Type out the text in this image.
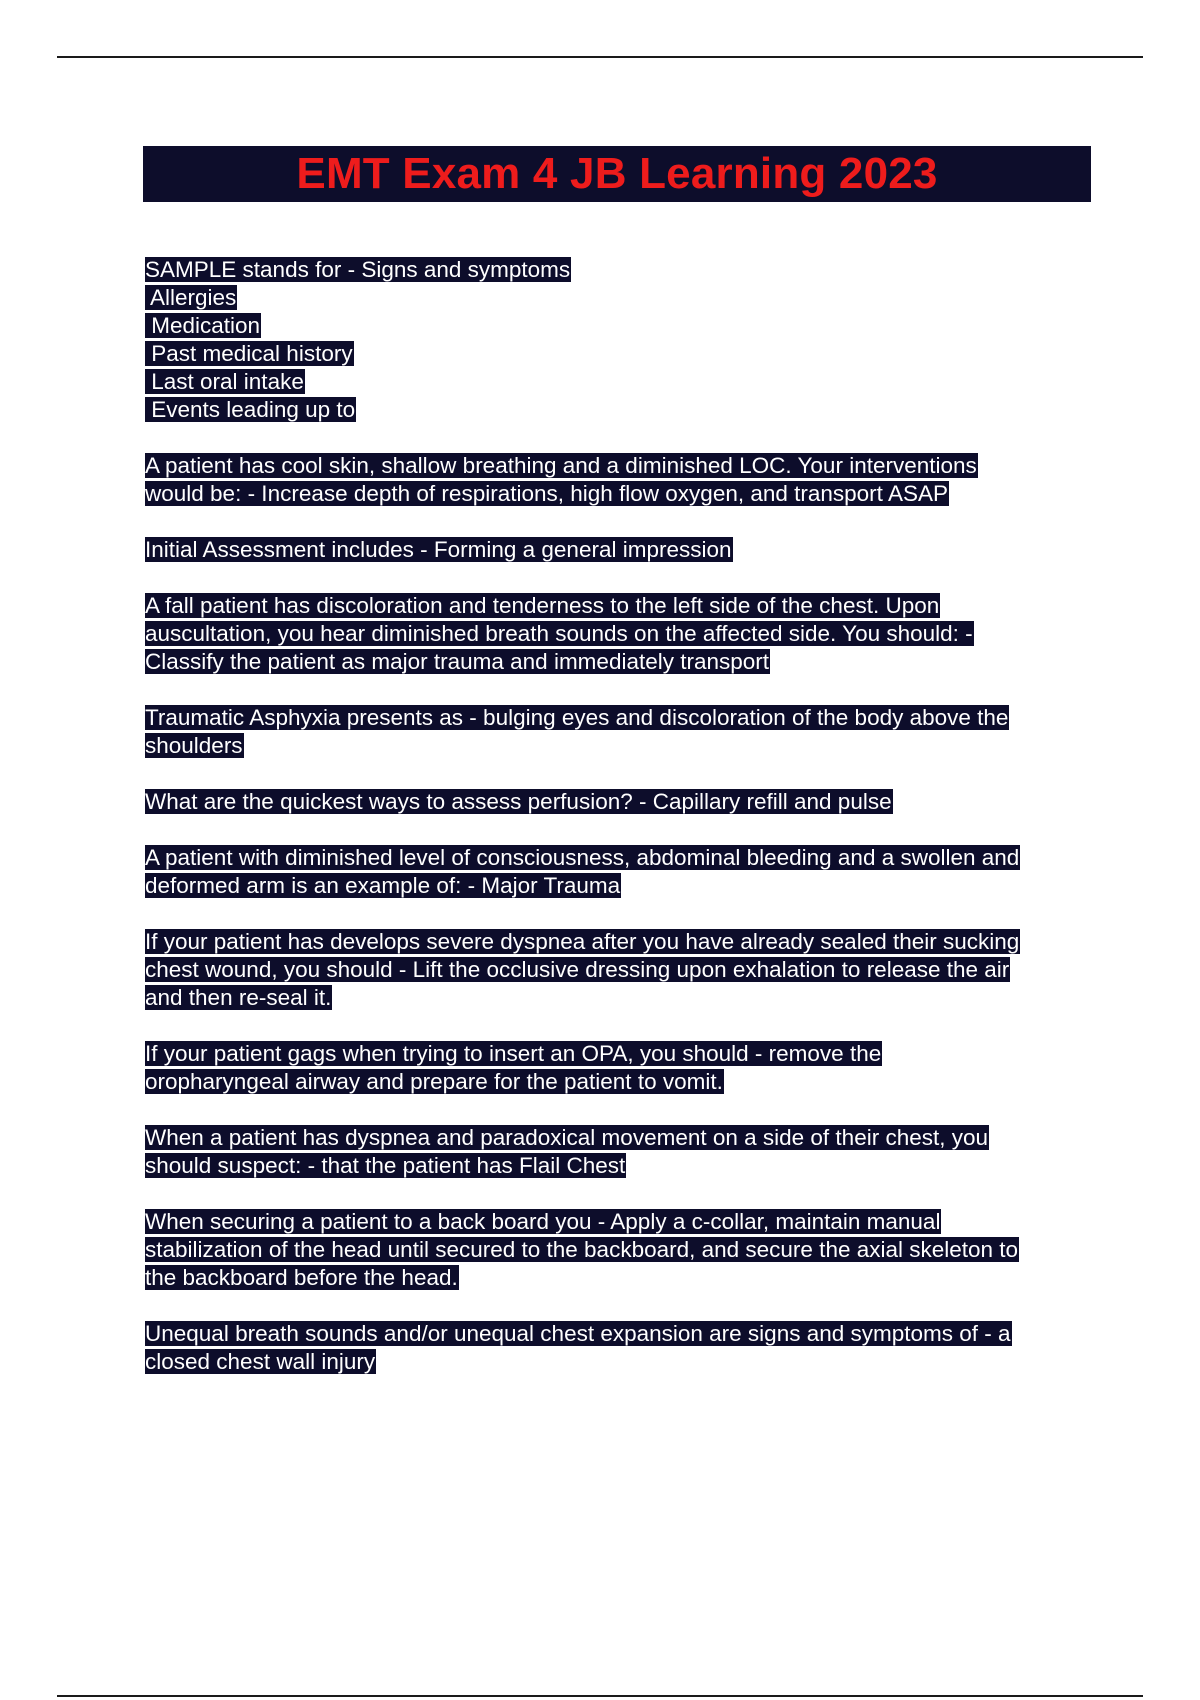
EMT Exam 4 JB Learning 2023
SAMPLE stands for - Signs and symptoms
Allergies
Medication
Past medical history
Last oral intake
Events leading up to
A patient has cool skin, shallow breathing and a diminished LOC. Your interventions
would be: - Increase depth of respirations, high flow oxygen, and transport ASAP
Initial Assessment includes - Forming a general impression
A fall patient has discoloration and tenderness to the left side of the chest. Upon
auscultation, you hear diminished breath sounds on the affected side. You should: -
Classify the patient as major trauma and immediately transport
Traumatic Asphyxia presents as - bulging eyes and discoloration of the body above the
shoulders
What are the quickest ways to assess perfusion? - Capillary refill and pulse
A patient with diminished level of consciousness, abdominal bleeding and a swollen and
deformed arm is an example of: - Major Trauma
If your patient has develops severe dyspnea after you have already sealed their sucking
chest wound, you should - Lift the occlusive dressing upon exhalation to release the air
and then re-seal it.
If your patient gags when trying to insert an OPA, you should - remove the
oropharyngeal airway and prepare for the patient to vomit.
When a patient has dyspnea and paradoxical movement on a side of their chest, you
should suspect: - that the patient has Flail Chest
When securing a patient to a back board you - Apply a c-collar, maintain manual
stabilization of the head until secured to the backboard, and secure the axial skeleton to
the backboard before the head.
Unequal breath sounds and/or unequal chest expansion are signs and symptoms of - a
closed chest wall injury
